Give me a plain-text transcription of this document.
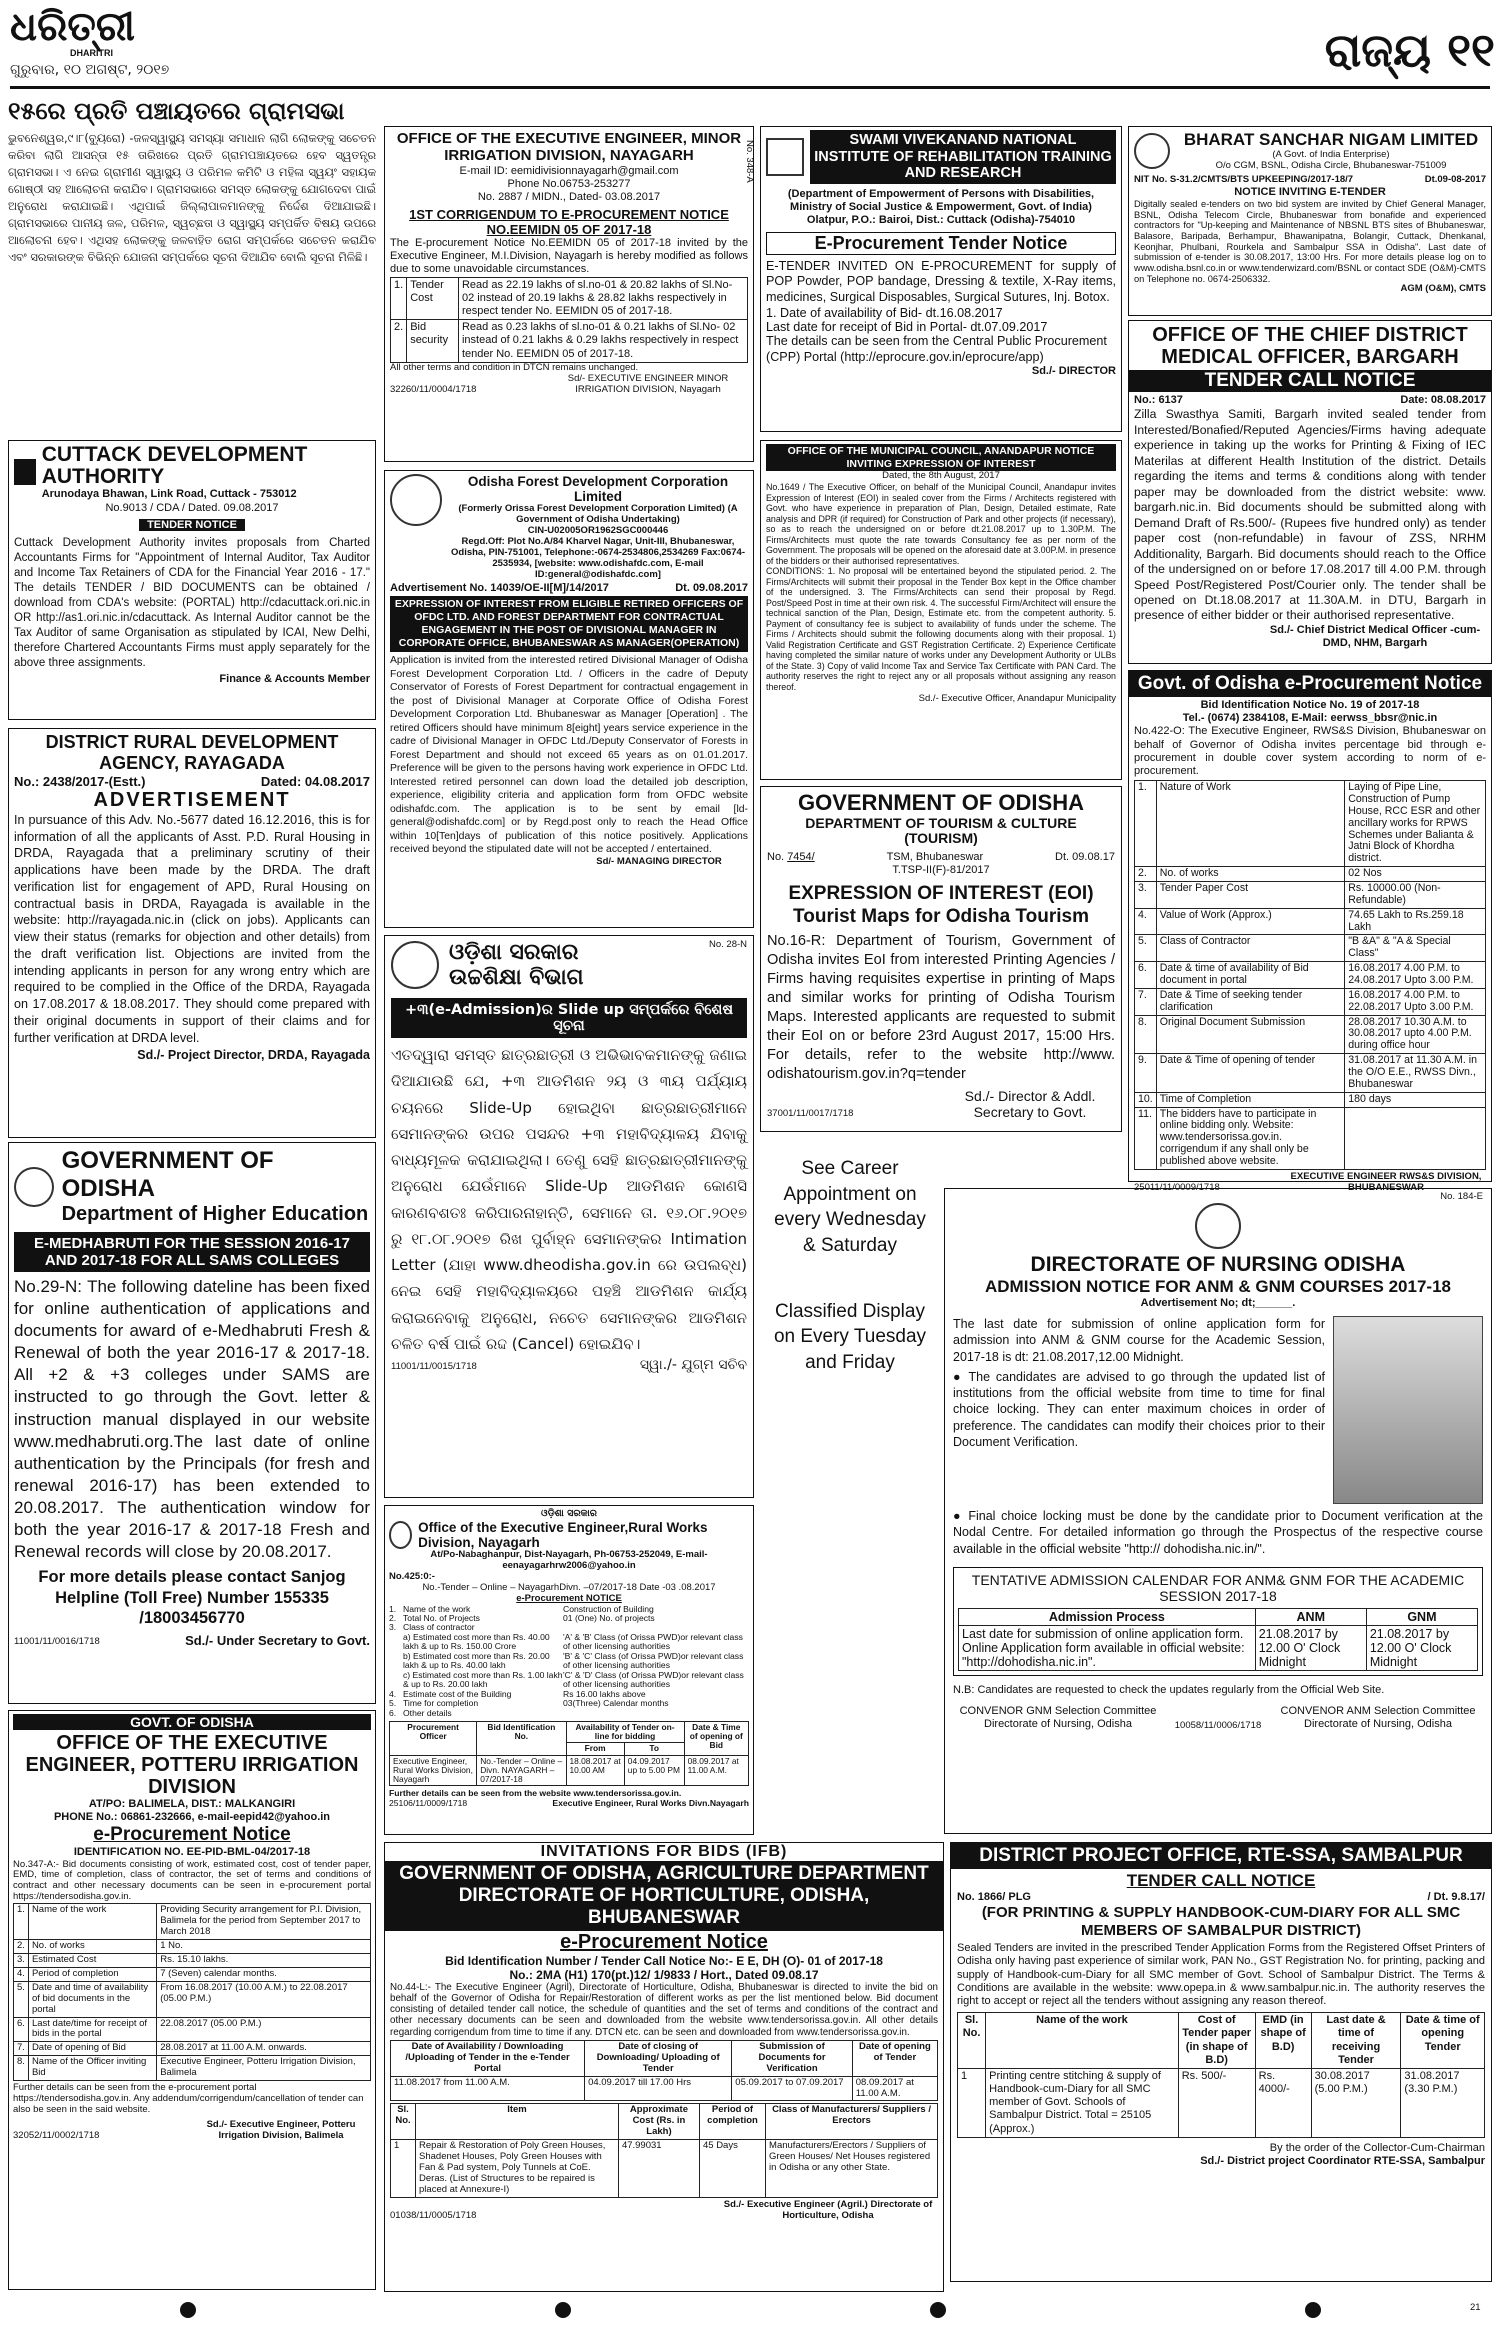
ଧରିତ୍ରୀ
DHARITRI
ଗୁରୁବାର, ୧୦ ଅଗଷ୍ଟ, ୨୦୧୭	ରାଜ୍ୟ ୧୧
୧୫ରେ ପ୍ରତି ପଞ୍ଚାୟତରେ ଗ୍ରାମସଭା
ଭୁବନେଶ୍ୱର,୯।୮(ବ୍ୟୁରୋ) -ଜଳସ୍ୱାସ୍ଥ୍ୟ ସମସ୍ୟା ସମାଧାନ ଲାଗି ଲୋକଙ୍କୁ ସଚେତନ କରିବା ଲାଗି ଆସନ୍ତା ୧୫ ତାରିଖରେ ପ୍ରତି ଗ୍ରାମପଞ୍ଚାୟତରେ ହେବ ସ୍ୱତନ୍ତ୍ର ଗ୍ରାମସଭା। ଏ ନେଇ ଗ୍ରାମୀଣ ସ୍ୱାସ୍ଥ୍ୟ ଓ ପରିମଳ କମିଟି ଓ ମହିଳା ସ୍ୱୟଂ ସହାୟକ ଗୋଷ୍ଠୀ ସହ ଆଲୋଚନା କରାଯିବ। ଗ୍ରାମସଭାରେ ସମସ୍ତ ଲୋକଙ୍କୁ ଯୋଗଦେବା ପାଇଁ ଅନୁରୋଧ କରାଯାଇଛି। ଏଥିପାଇଁ ଜିଲ୍ଲାପାଳମାନଙ୍କୁ ନିର୍ଦ୍ଦେଶ ଦିଆଯାଇଛି। ଗ୍ରାମସଭାରେ ପାନୀୟ ଜଳ, ପରିମଳ, ସ୍ୱଚ୍ଛତା ଓ ସ୍ୱାସ୍ଥ୍ୟ ସମ୍ପର୍କିତ ବିଷୟ ଉପରେ ଆଲୋଚନା ହେବ। ଏଥିସହ ଲୋକଙ୍କୁ ଜଳବାହିତ ରୋଗ ସମ୍ପର୍କରେ ସଚେତନ କରାଯିବ ଏବଂ ସରକାରଙ୍କ ବିଭିନ୍ନ ଯୋଜନା ସମ୍ପର୍କରେ ସୂଚନା ଦିଆଯିବ ବୋଲି ସୂଚନା ମିଳିଛି।
CUTTACK DEVELOPMENT AUTHORITY
Arunodaya Bhawan, Link Road, Cuttack - 753012
No.9013 / CDA / Dated. 09.08.2017
TENDER NOTICE
Cuttack Development Authority invites proposals from Charted Accountants Firms for "Appointment of Internal Auditor, Tax Auditor and Income Tax Retainers of CDA for the Financial Year 2016 - 17." The details TENDER / BID DOCUMENTS can be obtained / download from CDA's website: (PORTAL) http://cdacuttack.ori.nic.in OR http://as1.ori.nic.in/cdacuttack. As Internal Auditor cannot be the Tax Auditor of same Organisation as stipulated by ICAI, New Delhi, therefore Chartered Accountants Firms must apply separately for the above three assignments.
Finance & Accounts Member
DISTRICT RURAL DEVELOPMENT AGENCY, RAYAGADA
No.: 2438/2017-(Estt.)	Dated: 04.08.2017
ADVERTISEMENT
In pursuance of this Adv. No.-5677 dated 16.12.2016, this is for information of all the applicants of Asst. P.D. Rural Housing in DRDA, Rayagada that a preliminary scrutiny of their applications have been made by the DRDA. The draft verification list for engagement of APD, Rural Housing on contractual basis in DRDA, Rayagada is available in the website: http://rayagada.nic.in (click on jobs). Applicants can view their status (remarks for objection and other details) from the draft verification list. Objections are invited from the intending applicants in person for any wrong entry which are required to be complied in the Office of the DRDA, Rayagada on 17.08.2017 & 18.08.2017. They should come prepared with their original documents in support of their claims and for further verification at DRDA level.
Sd./- Project Director, DRDA, Rayagada
GOVERNMENT OF ODISHA
Department of Higher Education
E-MEDHABRUTI FOR THE SESSION 2016-17 AND 2017-18 FOR ALL SAMS COLLEGES
No.29-N: The following dateline has been fixed for online authentication of applications and documents for award of e-Medhabruti Fresh & Renewal of both the year 2016-17 & 2017-18. All +2 & +3 colleges under SAMS are instructed to go through the Govt. letter & instruction manual displayed in our website www.medhabruti.org.The last date of online authentication by the Principals (for fresh and renewal 2016-17) has been extended to 20.08.2017. The authentication window for both the year 2016-17 & 2017-18 Fresh and Renewal records will close by 20.08.2017.
For more details please contact Sanjog Helpline (Toll Free) Number 155335 /18003456770
11001/11/0016/1718	Sd./- Under Secretary to Govt.
GOVT. OF ODISHA
OFFICE OF THE EXECUTIVE ENGINEER, POTTERU IRRIGATION DIVISION
AT/PO: BALIMELA, DIST.: MALKANGIRI
PHONE No.: 06861-232666, e-mail-eepid42@yahoo.in
e-Procurement Notice
IDENTIFICATION NO. EE-PID-BML-04/2017-18
No.347-A:- Bid documents consisting of work, estimated cost, cost of tender paper, EMD, time of completion, class of contractor, the set of terms and conditions of contract and other necessary documents can be seen in e-procurement portal https://tendersodisha.gov.in.
1.	Name of the work	Providing Security arrangement for P.I. Division, Balimela for the period from September 2017 to March 2018
2.	No. of works	1 No.
3.	Estimated Cost	Rs. 15.10 lakhs.
4.	Period of completion	7 (Seven) calendar months.
5.	Date and time of availability of bid documents in the portal	From 16.08.2017 (10.00 A.M.) to 22.08.2017 (05.00 P.M.)
6.	Last date/time for receipt of bids in the portal	22.08.2017 (05.00 P.M.)
7.	Date of opening of Bid	28.08.2017 at 11.00 A.M. onwards.
8.	Name of the Officer inviting Bid	Executive Engineer, Potteru Irrigation Division, Balimela
Further details can be seen from the e-procurement portal https://tendersodisha.gov.in. Any addendum/corrigendum/cancellation of tender can also be seen in the said website.
32052/11/0002/1718
Sd./- Executive Engineer, Potteru Irrigation Division, Balimela
OFFICE OF THE EXECUTIVE ENGINEER, MINOR IRRIGATION DIVISION, NAYAGARH
E-mail ID: eemidivisionnayagarh@gmail.com
Phone No.06753-253277
No. 2887 / MIDN., Dated- 03.08.2017
1ST CORRIGENDUM TO E-PROCUREMENT NOTICE NO.EEMIDN 05 OF 2017-18
The E-procurement Notice No.EEMIDN 05 of 2017-18 invited by the Executive Engineer, M.I.Division, Nayagarh is hereby modified as follows due to some unavoidable circumstances.
1.	Tender Cost	Read as 22.19 lakhs of sl.no-01 & 20.82 lakhs of Sl.No- 02 instead of 20.19 lakhs & 28.82 lakhs respectively in respect tender No. EEMIDN 05 of 2017-18.
2.	Bid security	Read as 0.23 lakhs of sl.no-01 & 0.21 lakhs of Sl.No- 02 instead of 0.21 lakhs & 0.29 lakhs respectively in respect tender No. EEMIDN 05 of 2017-18.
All other terms and condition in DTCN remains unchanged.
32260/11/0004/1718
Sd/- EXECUTIVE ENGINEER MINOR IRRIGATION DIVISION, Nayagarh
No. 348-A
Odisha Forest Development Corporation Limited
(Formerly Orissa Forest Development Corporation Limited) (A Government of Odisha Undertaking)
CIN-U02005OR1962SGC000446
Regd.Off: Plot No.A/84 Kharvel Nagar, Unit-III, Bhubaneswar, Odisha, PIN-751001, Telephone:-0674-2534806,2534269 Fax:0674-2535934, [website: www.odishafdc.com, E-mail ID:general@odishafdc.com]
Advertisement No. 14039/OE-II[M]/14/2017	Dt. 09.08.2017
EXPRESSION OF INTEREST FROM ELIGIBLE RETIRED OFFICERS OF OFDC LTD. AND FOREST DEPARTMENT FOR CONTRACTUAL ENGAGEMENT IN THE POST OF DIVISIONAL MANAGER IN CORPORATE OFFICE, BHUBANESWAR AS MANAGER(OPERATION)
Application is invited from the interested retired Divisional Manager of Odisha Forest Development Corporation Ltd. / Officers in the cadre of Deputy Conservator of Forests of Forest Department for contractual engagement in the post of Divisional Manager at Corporate Office of Odisha Forest Development Corporation Ltd. Bhubaneswar as Manager [Operation] . The retired Officers should have minimum 8[eight] years service experience in the cadre of Divisional Manager in OFDC Ltd./Deputy Conservator of Forests in Forest Department and should not exceed 65 years as on 01.01.2017. Preference will be given to the persons having work experience in OFDC Ltd. Interested retired personnel can down load the detailed job description, experience, eligibility criteria and application form from OFDC website odishafdc.com. The application is to be sent by email [ld-general@odishafdc.com] or by Regd.post only to reach the Head Office within 10[Ten]days of publication of this notice positively. Applications received beyond the stipulated date will not be accepted / entertained.
Sd/- MANAGING DIRECTOR
ଓଡ଼ିଶା ସରକାର
ଉଚ୍ଚଶିକ୍ଷା ବିଭାଗ
No. 28-N
+୩(e-Admission)ର Slide up ସମ୍ପର୍କରେ ବିଶେଷ ସୂଚନା
ଏତଦ୍ୱାରା ସମସ୍ତ ଛାତ୍ରଛାତ୍ରୀ ଓ ଅଭିଭାବକମାନଙ୍କୁ ଜଣାଇ ଦିଆଯାଉଛି ଯେ, +୩ ଆଡମିଶନ ୨ୟ ଓ ୩ୟ ପର୍ଯ୍ୟାୟ ଚୟନରେ Slide-Up ହୋଇଥିବା ଛାତ୍ରଛାତ୍ରୀମାନେ ସେମାନଙ୍କର ଉପର ପସନ୍ଦର +୩ ମହାବିଦ୍ୟାଳୟ ଯିବାକୁ ବାଧ୍ୟମୂଳକ କରାଯାଇଥିଲା। ତେଣୁ ସେହି ଛାତ୍ରଛାତ୍ରୀମାନଙ୍କୁ ଅନୁରୋଧ ଯେଉଁମାନେ Slide-Up ଆଡମିଶନ କୋଣସି କାରଣବଶତଃ କରିପାରନାହାନ୍ତି, ସେମାନେ ତା. ୧୬.୦୮.୨୦୧୭ ରୁ ୧୮.୦୮.୨୦୧୭ ରିଖ ପୁର୍ବାହ୍ନ ସେମାନଙ୍କର Intimation Letter (ଯାହା www.dheodisha.gov.in ରେ ଉପଲବ୍ଧ) ନେଇ ସେହି ମହାବିଦ୍ୟାଳୟରେ ପହଞ୍ଚି ଆଡମିଶନ କାର୍ଯ୍ୟ କରାଇନେବାକୁ ଅନୁରୋଧ, ନଚେତ ସେମାନଙ୍କର ଆଡମିଶନ ଚଳିତ ବର୍ଷ ପାଇଁ ରଦ୍ଦ (Cancel) ହୋଇଯିବ।
11001/11/0015/1718	ସ୍ୱା./- ଯୁଗ୍ମ ସଚିବ
ଓଡ଼ିଶା ସରକାର
Office of the Executive Engineer,Rural Works Division, Nayagarh
At/Po-Nabaghanpur, Dist-Nayagarh, Ph-06753-252049, E-mail-eenayagarhrw2006@yahoo.in
No.425:0:-
No.-Tender – Online – NayagarhDivn. –07/2017-18 Date -03 .08.2017
e-Procurement NOTICE
1. Name of the work	Construction of Building
2. Total No. of Projects	01 (One) No. of projects
3. Class of contractor
a) Estimated cost more than Rs. 40.00 lakh & up to Rs. 150.00 Crore
'A' & 'B' Class (of Orissa PWD)or relevant class of other licensing authorities
b) Estimated cost more than Rs. 20.00 lakh & up to Rs. 40.00 lakh
'B' & 'C' Class (of Orissa PWD)or relevant class of other licensing authorities
c) Estimated cost more than Rs. 1.00 lakh & up to Rs. 20.00 lakh
'C' & 'D' Class (of Orissa PWD)or relevant class of other licensing authorities
4. Estimate cost of the Building	Rs 16.00 lakhs above
5. Time for completion	03(Three) Calendar months
6. Other details
Procurement Officer	Bid Identification No.	Availability of Tender on-line for bidding		Date & Time of opening of Bid
		From	To	
Executive Engineer, Rural Works Division, Nayagarh	No.-Tender – Online – Divn. NAYAGARH – 07/2017-18	18.08.2017 at 10.00 AM	04.09.2017 up to 5.00 PM	08.09.2017 at 11.00 A.M.
Further details can be seen from the website www.tendersorissa.gov.in.
25106/11/0009/1718	Executive Engineer, Rural Works Divn.Nayagarh
INVITATIONS FOR BIDS (IFB)
GOVERNMENT OF ODISHA, AGRICULTURE DEPARTMENT DIRECTORATE OF HORTICULTURE, ODISHA, BHUBANESWAR
e-Procurement Notice
Bid Identification Number / Tender Call Notice No:- E E, DH (O)- 01 of 2017-18
No.: 2MA (H1) 170(pt.)12/ 1/9833 / Hort., Dated 09.08.17
No.44-L:- The Executive Engineer (Agril), Directorate of Horticulture, Odisha, Bhubaneswar is directed to invite the bid on behalf of the Governor of Odisha for Repair/Restoration of different works as per the list mentioned below. Bid document consisting of detailed tender call notice, the schedule of quantities and the set of terms and conditions of the contract and other necessary documents can be seen and downloaded from the website www.tendersorissa.gov.in. All other details regarding corrigendum from time to time if any. DTCN etc. can be seen and downloaded from www.tendersorissa.gov.in.
Date of Availability / Downloading /Uploading of Tender in the e-Tender Portal	Date of closing of Downloading/ Uploading of Tender	Submission of Documents for Verification	Date of opening of Tender
11.08.2017 from 11.00 A.M.	04.09.2017 till 17.00 Hrs	05.09.2017 to 07.09.2017	08.09.2017 at 11.00 A.M.
Sl. No.	Item	Approximate Cost (Rs. in Lakh)	Period of completion	Class of Manufacturers/ Suppliers / Erectors
1	Repair & Restoration of Poly Green Houses, Shadenet Houses, Poly Green Houses with Fan & Pad system, Poly Tunnels at CoE. Deras. (List of Structures to be repaired is placed at Annexure-I)	47.99031	45 Days	Manufacturers/Erectors / Suppliers of Green Houses/ Net Houses registered in Odisha or any other State.
01038/11/0005/1718
Sd./- Executive Engineer (Agril.) Directorate of Horticulture, Odisha
SWAMI VIVEKANAND NATIONAL INSTITUTE OF REHABILITATION TRAINING AND RESEARCH
(Department of Empowerment of Persons with Disabilities, Ministry of Social Justice & Empowerment, Govt. of India)
Olatpur, P.O.: Bairoi, Dist.: Cuttack (Odisha)-754010
E-Procurement Tender Notice
E-TENDER INVITED ON E-PROCUREMENT for supply of POP Powder, POP bandage, Dressing & textile, X-Ray items, medicines, Surgical Disposables, Surgical Sutures, Inj. Botox.
1. Date of availability of Bid- dt.16.08.2017
Last date for receipt of Bid in Portal- dt.07.09.2017
The details can be seen from the Central Public Procurement (CPP) Portal (http://eprocure.gov.in/eprocure/app)
Sd./- DIRECTOR
OFFICE OF THE MUNICIPAL COUNCIL, ANANDAPUR NOTICE INVITING EXPRESSION OF INTEREST
Dated, the 8th August, 2017
No.1649 / The Executive Officer, on behalf of the Municipal Council, Anandapur invites Expression of Interest (EOI) in sealed cover from the Firms / Architects registered with Govt. who have experience in preparation of Plan, Design, Detailed estimate, Rate analysis and DPR (if required) for Construction of Park and other projects (if necessary), so as to reach the undersigned on or before dt.21.08.2017 up to 1.30P.M. The Firms/Architects must quote the rate towards Consultancy fee as per norm of the Government. The proposals will be opened on the aforesaid date at 3.00P.M. in presence of the bidders or their authorised representatives.
CONDITIONS: 1. No proposal will be entertained beyond the stipulated period. 2. The Firms/Architects will submit their proposal in the Tender Box kept in the Office chamber of the undersigned. 3. The Firms/Architects can send their proposal by Regd. Post/Speed Post in time at their own risk. 4. The successful Firm/Architect will ensure the technical sanction of the Plan, Design, Estimate etc. from the competent authority. 5. Payment of consultancy fee is subject to availability of funds under the scheme. The Firms / Architects should submit the following documents along with their proposal. 1) Valid Registration Certificate and GST Registration Certificate. 2) Experience Certificate having completed the similar nature of works under any Development Authority or ULBs of the State. 3) Copy of valid Income Tax and Service Tax Certificate with PAN Card. The authority reserves the right to reject any or all proposals without assigning any reason thereof.
Sd./- Executive Officer, Anandapur Municipality
GOVERNMENT OF ODISHA
DEPARTMENT OF TOURISM & CULTURE (TOURISM)
No. 7454/	TSM, Bhubaneswar	Dt. 09.08.17
T.TSP-II(F)-81/2017
EXPRESSION OF INTEREST (EOI) Tourist Maps for Odisha Tourism
No.16-R: Department of Tourism, Government of Odisha invites EoI from interested Printing Agencies / Firms having requisites expertise in printing of Maps and similar works for printing of Odisha Tourism Maps. Interested applicants are requested to submit their EoI on or before 23rd August 2017, 15:00 Hrs. For details, refer to the website http://www. odishatourism.gov.in?q=tender
37001/11/0017/1718
Sd./- Director & Addl. Secretary to Govt.
See Career Appointment on every Wednesday & Saturday
Classified Display on Every Tuesday and Friday
BHARAT SANCHAR NIGAM LIMITED
(A Govt. of India Enterprise)
O/o CGM, BSNL, Odisha Circle, Bhubaneswar-751009
NIT No. S-31.2/CMTS/BTS UPKEEPING/2017-18/7	Dt.09-08-2017
NOTICE INVITING E-TENDER
Digitally sealed e-tenders on two bid system are invited by Chief General Manager, BSNL, Odisha Telecom Circle, Bhubaneswar from bonafide and experienced contractors for "Up-keeping and Maintenance of NBSNL BTS sites of Bhubaneswar, Balasore, Baripada, Berhampur, Bhawanipatna, Bolangir, Cuttack, Dhenkanal, Keonjhar, Phulbani, Rourkela and Sambalpur SSA in Odisha". Last date of submission of e-tender is 30.08.2017, 13:00 Hrs. For more details please log on to www.odisha.bsnl.co.in or www.tenderwizard.com/BSNL or contact SDE (O&M)-CMTS on Telephone no. 0674-2506332.
AGM (O&M), CMTS
OFFICE OF THE CHIEF DISTRICT MEDICAL OFFICER, BARGARH
TENDER CALL NOTICE
No.: 6137	Date: 08.08.2017
Zilla Swasthya Samiti, Bargarh invited sealed tender from Interested/Bonafied/Reputed Agencies/Firms having adequate experience in taking up the works for Printing & Fixing of IEC Materilas at different Health Institution of the district. Details regarding the items and terms & conditions along with tender paper may be downloaded from the district website: www. bargarh.nic.in. Bid documents should be submitted along with Demand Draft of Rs.500/- (Rupees five hundred only) as tender paper cost (non-refundable) in favour of ZSS, NRHM Additionality, Bargarh. Bid documents should reach to the Office of the undersigned on or before 17.08.2017 till 4.00 P.M. through Speed Post/Registered Post/Courier only. The tender shall be opened on Dt.18.08.2017 at 11.30A.M. in DTU, Bargarh in presence of either bidder or their authorised representative.
Sd./- Chief District Medical Officer -cum-DMD, NHM, Bargarh
Govt. of Odisha e-Procurement Notice
Bid Identification Notice No. 19 of 2017-18
Tel.- (0674) 2384108, E-Mail: eerwss_bbsr@nic.in
No.422-O: The Executive Engineer, RWS&S Division, Bhubaneswar on behalf of Governor of Odisha invites percentage bid through e-procurement in double cover system according to norm of e-procurement.
1.	Nature of Work	Laying of Pipe Line, Construction of Pump House, RCC ESR and other ancillary works for RPWS Schemes under Balianta & Jatni Block of Khordha district.
2.	No. of works	02 Nos
3.	Tender Paper Cost	Rs. 10000.00 (Non-Refundable)
4.	Value of Work (Approx.)	74.65 Lakh to Rs.259.18 Lakh
5.	Class of Contractor	"B &A" & "A & Special Class"
6.	Date & time of availability of Bid document in portal	16.08.2017 4.00 P.M. to 24.08.2017 Upto 3.00 P.M.
7.	Date & Time of seeking tender clarification	16.08.2017 4.00 P.M. to 22.08.2017 Upto 3.00 P.M.
8.	Original Document Submission	28.08.2017 10.30 A.M. to 30.08.2017 upto 4.00 P.M. during office hour
9.	Date & Time of opening of tender	31.08.2017 at 11.30 A.M. in the O/O E.E., RWSS Divn., Bhubaneswar
10.	Time of Completion	180 days
11.	The bidders have to participate in online bidding only. Website: www.tendersorissa.gov.in. corrigendum if any shall only be published above website.	
25011/11/0009/1718
EXECUTIVE ENGINEER RWS&S DIVISION, BHUBANESWAR
No. 184-E
DIRECTORATE OF NURSING ODISHA
ADMISSION NOTICE FOR ANM & GNM COURSES 2017-18
Advertisement No; dt;______.
The last date for submission of online application form for admission into ANM & GNM course for the Academic Session, 2017-18 is dt: 21.08.2017,12.00 Midnight.
● The candidates are advised to go through the updated list of institutions from the official website from time to time for final choice locking. They can enter maximum choices in order of preference. The candidates can modify their choices prior to their Document Verification.
● Final choice locking must be done by the candidate prior to Document verification at the Nodal Centre. For detailed information go through the Prospectus of the respective course available in the official website "http:// dohodisha.nic.in/".
TENTATIVE ADMISSION CALENDAR FOR ANM& GNM FOR THE ACADEMIC SESSION 2017-18
Admission Process	ANM	GNM
Last date for submission of online application form. Online Application form available in official website: "http://dohodisha.nic.in".	21.08.2017 by 12.00 O' Clock Midnight	21.08.2017 by 12.00 O' Clock Midnight
N.B: Candidates are requested to check the updates regularly from the Official Web Site.
CONVENOR GNM Selection Committee Directorate of Nursing, Odisha	10058/11/0006/1718
CONVENOR ANM Selection Committee Directorate of Nursing, Odisha
DISTRICT PROJECT OFFICE, RTE-SSA, SAMBALPUR
TENDER CALL NOTICE
No. 1866/ PLG	/ Dt. 9.8.17/
(FOR PRINTING & SUPPLY HANDBOOK-CUM-DIARY FOR ALL SMC MEMBERS OF SAMBALPUR DISTRICT)
Sealed Tenders are invited in the prescribed Tender Application Forms from the Registered Offset Printers of Odisha only having past experience of similar work, PAN No., GST Registration No. for printing, packing and supply of Handbook-cum-Diary for all SMC member of Govt. School of Sambalpur District. The Terms & Conditions are available in the website: www.opepa.in & www.sambalpur.nic.in. The authority reserves the right to accept or reject all the tenders without assigning any reason thereof.
Sl. No.	Name of the work	Cost of Tender paper (in shape of B.D)	EMD (in shape of B.D)	Last date & time of receiving Tender	Date & time of opening Tender
1	Printing centre stitching & supply of Handbook-cum-Diary for all SMC member of Govt. Schools of Sambalpur District. Total = 25105 (Approx.)	Rs. 500/-	Rs. 4000/-	30.08.2017 (5.00 P.M.)	31.08.2017 (3.30 P.M.)
By the order of the Collector-Cum-Chairman
Sd./- District project Coordinator RTE-SSA, Sambalpur
21
